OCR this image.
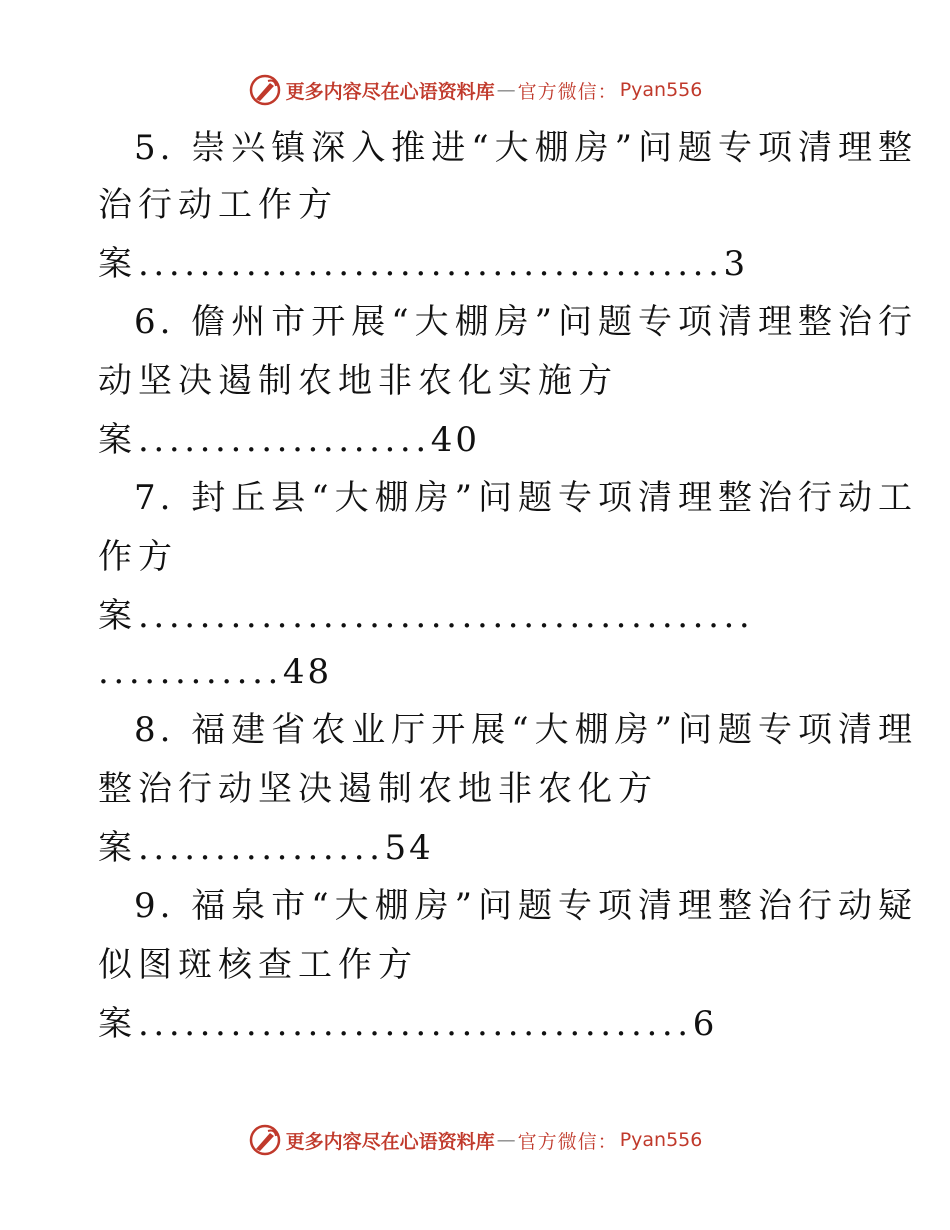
更多内容尽在心语资料库 — 官方微信： Pyan556
5. 崇兴镇深入推进“大棚房”问题专项清理整
治行动工作方
案......................................3
6. 儋州市开展“大棚房”问题专项清理整治行
动坚决遏制农地非农化实施方
案...................40
7. 封丘县“大棚房”问题专项清理整治行动工
作方
案........................................
............48
8. 福建省农业厅开展“大棚房”问题专项清理
整治行动坚决遏制农地非农化方
案................54
9. 福泉市“大棚房”问题专项清理整治行动疑
似图斑核查工作方
案....................................6
更多内容尽在心语资料库 — 官方微信： Pyan556
